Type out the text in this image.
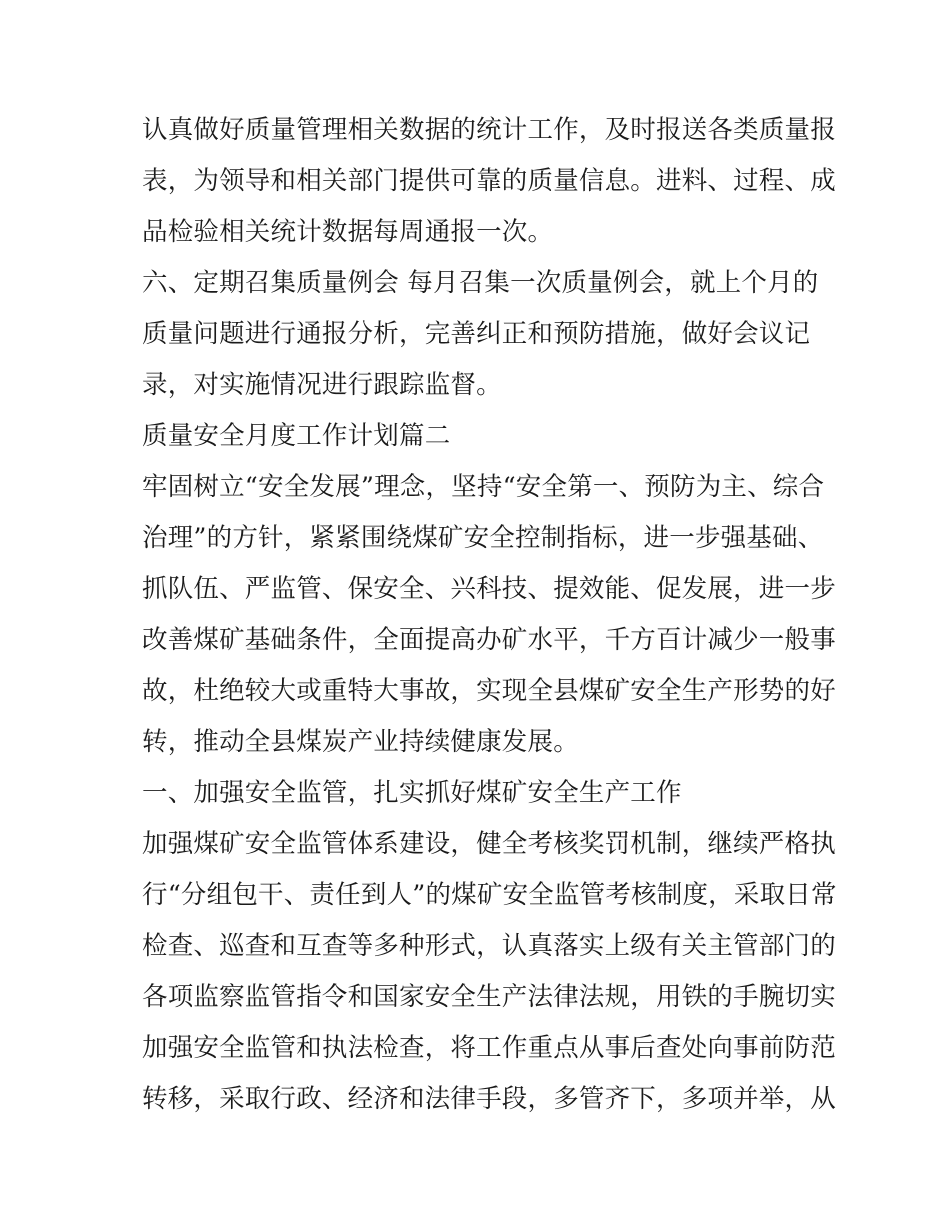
认真做好质量管理相关数据的统计工作，及时报送各类质量报
表，为领导和相关部门提供可靠的质量信息。进料、过程、成
品检验相关统计数据每周通报一次。
六、定期召集质量例会 每月召集一次质量例会，就上个月的
质量问题进行通报分析，完善纠正和预防措施，做好会议记
录，对实施情况进行跟踪监督。
质量安全月度工作计划篇二
牢固树立“安全发展”理念，坚持“安全第一、预防为主、综合
治理”的方针，紧紧围绕煤矿安全控制指标，进一步强基础、
抓队伍、严监管、保安全、兴科技、提效能、促发展，进一步
改善煤矿基础条件，全面提高办矿水平，千方百计减少一般事
故，杜绝较大或重特大事故，实现全县煤矿安全生产形势的好
转，推动全县煤炭产业持续健康发展。
一、加强安全监管，扎实抓好煤矿安全生产工作
加强煤矿安全监管体系建设，健全考核奖罚机制，继续严格执
行“分组包干、责任到人”的煤矿安全监管考核制度，采取日常
检查、巡查和互查等多种形式，认真落实上级有关主管部门的
各项监察监管指令和国家安全生产法律法规，用铁的手腕切实
加强安全监管和执法检查，将工作重点从事后查处向事前防范
转移，采取行政、经济和法律手段，多管齐下，多项并举，从
